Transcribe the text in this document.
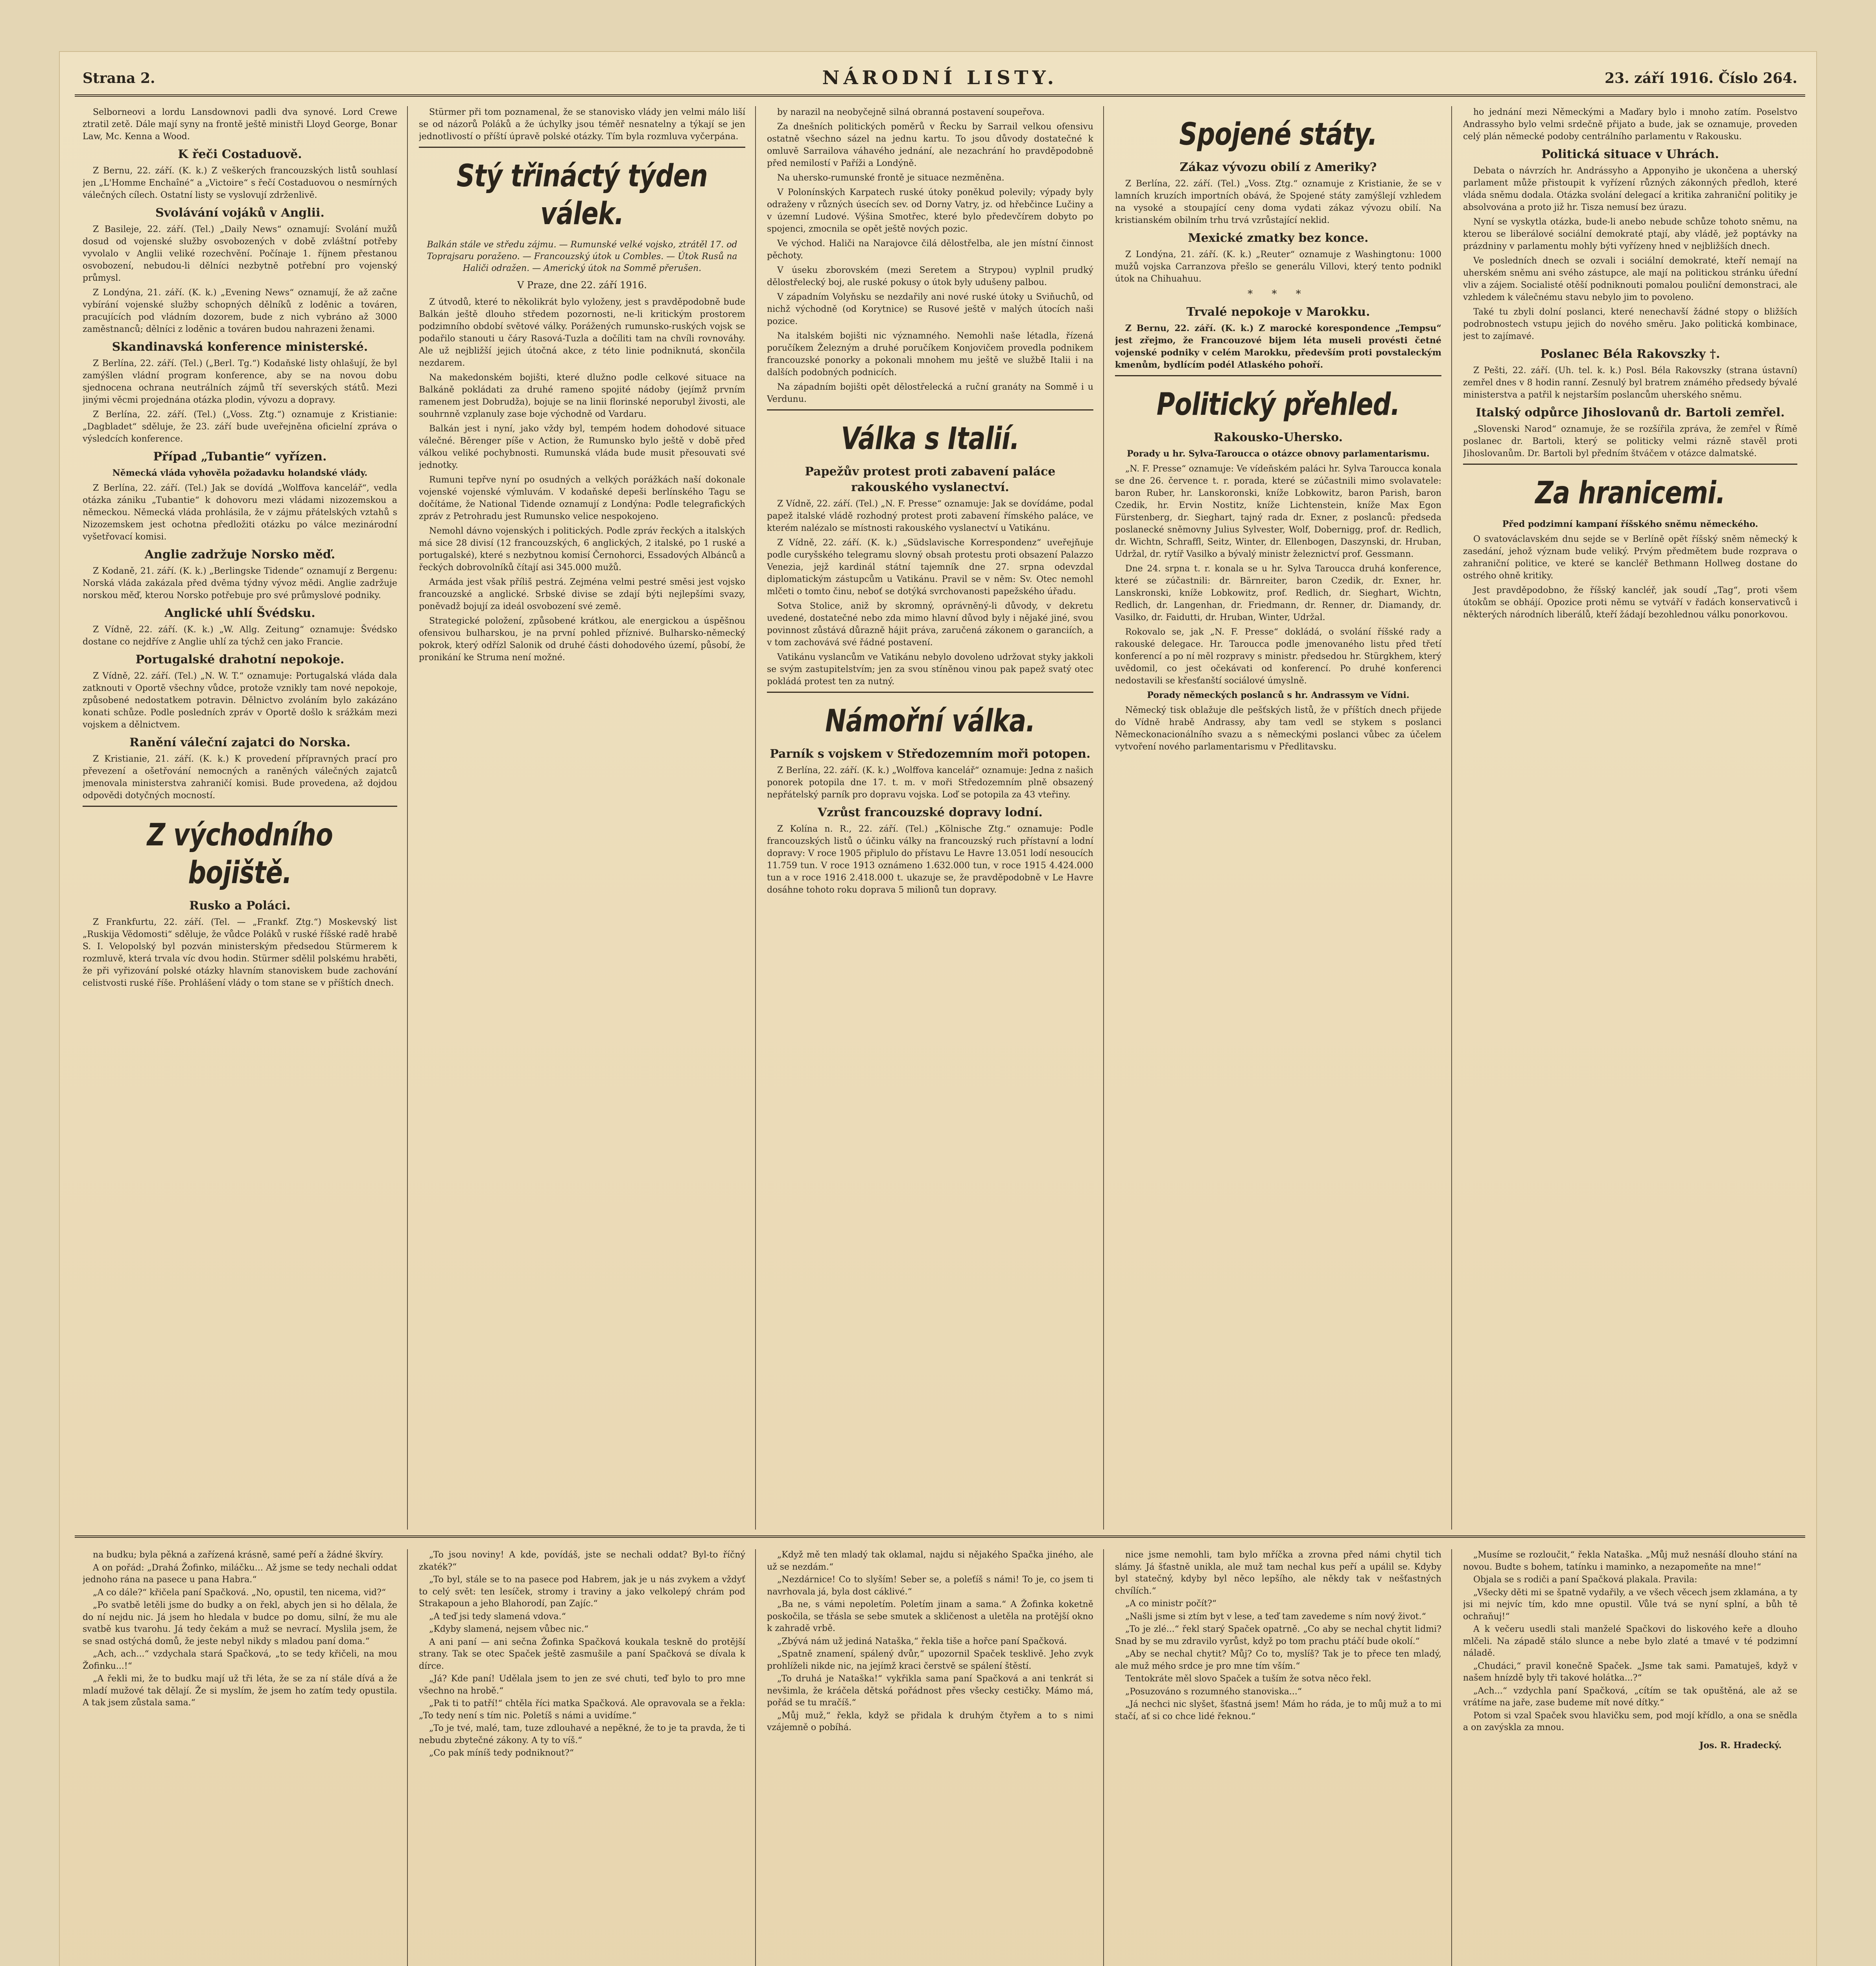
Strana 2.	NÁRODNÍ LISTY.	23. září 1916. Číslo 264.

Selborneovi a lordu Lansdownovi padli dva synové. Lord Crewe ztratil zetě. Dále mají syny na frontě ještě ministři Lloyd George, Bonar Law, Mc. Kenna a Wood.

K řeči Costaduově.

Z Bernu, 22. září. (K. k.) Z veškerých francouzských listů souhlasí jen „L'Homme Enchaîné“ a „Victoire“ s řečí Costaduovou o nesmírných válečných cílech. Ostatní listy se vyslovují zdrženlivě.

Svolávání vojáků v Anglii.

Z Basileje, 22. září. (Tel.) „Daily News“ oznamují: Svolání mužů dosud od vojenské služby osvobozených v době zvláštní potřeby vyvolalo v Anglii veliké rozechvění. Počínaje 1. říjnem přestanou osvobození, nebudou-li dělníci nezbytně potřební pro vojenský průmysl.

Z Londýna, 21. září. (K. k.) „Evening News“ oznamují, že až začne vybírání vojenské služby schopných dělníků z loděnic a továren, pracujících pod vládním dozorem, bude z nich vybráno až 3000 zaměstnanců; dělníci z loděnic a továren budou nahrazeni ženami.

Skandinavská konference ministerské.

Z Berlína, 22. září. (Tel.) („Berl. Tg.“) Kodaňské listy ohlašují, že byl zamýšlen vládní program konference, aby se na novou dobu sjednocena ochrana neutrálních zájmů tří severských států. Mezi jinými věcmi projednána otázka plodin, vývozu a dopravy.

Z Berlína, 22. září. (Tel.) („Voss. Ztg.“) oznamuje z Kristianie: „Dagbladet“ sděluje, že 23. září bude uveřejněna oficielní zpráva o výsledcích konference.

Případ „Tubantie“ vyřízen.
Německá vláda vyhověla požadavku holandské vlády.

Z Berlína, 22. září. (Tel.) Jak se dovídá „Wolffova kancelář“, vedla otázka zániku „Tubantie“ k dohovoru mezi vládami nizozemskou a německou. Německá vláda prohlásila, že v zájmu přátelských vztahů s Nizozemskem jest ochotna předložiti otázku po válce mezinárodní vyšetřovací komisi.

Anglie zadržuje Norsko měď.

Z Kodaně, 21. září. (K. k.) „Berlingske Tidende“ oznamují z Bergenu: Norská vláda zakázala před dvěma týdny vývoz mědi. Anglie zadržuje norskou měď, kterou Norsko potřebuje pro své průmyslové podniky.

Anglické uhlí Švédsku.

Z Vídně, 22. září. (K. k.) „W. Allg. Zeitung“ oznamuje: Švédsko dostane co nejdříve z Anglie uhlí za týchž cen jako Francie.

Portugalské drahotní nepokoje.

Z Vídně, 22. září. (Tel.) „N. W. T.“ oznamuje: Portugalská vláda dala zatknouti v Oportě všechny vůdce, protože vznikly tam nové nepokoje, způsobené nedostatkem potravin. Dělnictvo zvoláním bylo zakázáno konati schůze. Podle posledních zpráv v Oportě došlo k srážkám mezi vojskem a dělnictvem.

Ranění váleční zajatci do Norska.

Z Kristianie, 21. září. (K. k.) K provedení přípravných prací pro převezení a ošetřování nemocných a raněných válečných zajatců jmenovala ministerstva zahraničí komisi. Bude provedena, až dojdou odpovědi dotyčných mocností.

Z východního bojiště.
Rusko a Poláci.

Z Frankfurtu, 22. září. (Tel. — „Frankf. Ztg.“) Moskevský list „Ruskija Vědomosti“ sděluje, že vůdce Poláků v ruské říšské radě hrabě S. I. Velopolský byl pozván ministerským předsedou Stürmerem k rozmluvě, která trvala víc dvou hodin. Stürmer sdělil polskému hraběti, že při vyřizování polské otázky hlavním stanoviskem bude zachování celistvosti ruské říše. Prohlášení vlády o tom stane se v příštích dnech.

Stürmer při tom poznamenal, že se stanovisko vlády jen velmi málo liší se od názorů Poláků a že úchylky jsou téměř nesnatelny a týkají se jen jednotlivostí o příští úpravě polské otázky. Tím byla rozmluva vyčerpána.

Stý třináctý týden válek.
Balkán stále ve středu zájmu. — Rumunské velké vojsko, ztrátěl 17. od Toprajsaru poraženo. — Francouzský útok u Combles. — Útok Rusů na Haliči odražen. — Americký útok na Sommě přerušen.
V Praze, dne 22. září 1916.

Z útvodů, které to několikrát bylo vyloženy, jest s pravděpodobně bude Balkán ještě dlouho středem pozornosti, ne-li kritickým prostorem podzimního období světové války. Porážených rumunsko-ruských vojsk se podařilo stanouti u čáry Rasová-Tuzla a dočíliti tam na chvíli rovnováhy. Ale už nejbližší jejich útočná akce, z této linie podniknutá, skončila nezdarem.

Na makedonském bojišti, které dlužno podle celkové situace na Balkáně pokládati za druhé rameno spojité nádoby (jejímž prvním ramenem jest Dobrudža), bojuje se na linii florinské neporubyl živosti, ale souhrnně vzplanuly zase boje východně od Vardaru.

Balkán jest i nyní, jako vždy byl, tempém hodem dohodové situace válečné. Běrenger píše v Action, že Rumunsko bylo ještě v době před válkou veliké pochybnosti. Rumunská vláda bude musit přesouvati své jednotky.

Rumuni tepřve nyní po osudných a velkých porážkách naší dokonale vojenské vojenské výmluvám. V kodaňské depeši berlínského Tagu se dočítáme, že National Tidende oznamují z Londýna: Podle telegrafických zpráv z Petrohradu jest Rumunsko velice nespokojeno.

Nemohl dávno vojenských i politických. Podle zpráv řeckých a italských má sice 28 divisí (12 francouzských, 6 anglických, 2 italské, po 1 ruské a portugalské), které s nezbytnou komisí Černohorci, Essadových Albánců a řeckých dobrovolníků čítají asi 345.000 mužů.

Armáda jest však příliš pestrá. Zejména velmi pestré směsi jest vojsko francouzské a anglické. Srbské divise se zdají býti nejlepšími svazy, poněvadž bojují za ideál osvobození své země.

Strategické položení, způsobené krátkou, ale energickou a úspěšnou ofensivou bulharskou, je na první pohled příznivé. Bulharsko-německý pokrok, který odřízl Salonik od druhé části dohodového území, působí, že pronikání ke Struma není možné.

by narazil na neobyčejně silná obranná postavení soupeřova.

Za dnešních politických poměrů v Řecku by Sarrail velkou ofensivu ostatně všechno sázel na jednu kartu. To jsou důvody dostatečné k omluvě Sarrailova váhavého jednání, ale nezachrání ho pravděpodobně před nemilostí v Paříži a Londýně.

Na uhersko-rumunské frontě je situace nezměněna.

V Polonínských Karpatech ruské útoky poněkud polevily; výpady byly odraženy v různých úsecích sev. od Dorny Vatry, jz. od hřebčince Lučiny a v územní Ludové. Výšina Smotřec, které bylo předevčírem dobyto po spojenci, zmocnila se opět ještě nových pozic.

Ve východ. Haliči na Narajovce čilá dělostřelba, ale jen místní činnost pěchoty.

V úseku zborovském (mezi Seretem a Strypou) vyplnil prudký dělostřelecký boj, ale ruské pokusy o útok byly udušeny palbou.

V západním Volyňsku se nezdařily ani nové ruské útoky u Sviňuchů, od nichž východně (od Korytnice) se Rusové ještě v malých útocích naši pozice.

Na italském bojišti nic významného. Nemohli naše létadla, řízená poručíkem Železným a druhé poručíkem Konjovičem provedla podnikem francouzské ponorky a pokonali mnohem mu ještě ve službě Italii i na dalších podobných podnicích.

Na západním bojišti opět dělostřelecká a ruční granáty na Sommě i u Verdunu.

Válka s Italií.
Papežův protest proti zabavení paláce rakouského vyslanectví.

Z Vídně, 22. září. (Tel.) „N. F. Presse“ oznamuje: Jak se dovídáme, podal papež italské vládě rozhodný protest proti zabavení římského paláce, ve kterém nalézalo se místnosti rakouského vyslanectví u Vatikánu.

Z Vídně, 22. září. (K. k.) „Südslavische Korrespondenz“ uveřejňuje podle curyšského telegramu slovný obsah protestu proti obsazení Palazzo Venezia, jejž kardinál státní tajemník dne 27. srpna odevzdal diplomatickým zástupcům u Vatikánu. Pravil se v něm: Sv. Otec nemohl mlčeti o tomto činu, neboť se dotýká svrchovanosti papežského úřadu.

Sotva Stolice, aniž by skromný, oprávněný-li důvody, v dekretu uvedené, dostatečné nebo zda mimo hlavní důvod byly i nějaké jiné, svou povinnost zůstává důrazně hájit práva, zaručená zákonem o garanciích, a v tom zachovává své řádné postavení.

Vatikánu vyslancům ve Vatikánu nebylo dovoleno udržovat styky jakkoli se svým zastupitelstvím; jen za svou stíněnou vinou pak papež svatý otec pokládá protest ten za nutný.

Námořní válka.
Parník s vojskem v Středozemním moři potopen.

Z Berlína, 22. září. (K. k.) „Wolffova kancelář“ oznamuje: Jedna z našich ponorek potopila dne 17. t. m. v moři Středozemním plně obsazený nepřátelský parník pro dopravu vojska. Loď se potopila za 43 vteřiny.

Vzrůst francouzské dopravy lodní.

Z Kolína n. R., 22. září. (Tel.) „Kölnische Ztg.“ oznamuje: Podle francouzských listů o účinku války na francouzský ruch přístavní a lodní dopravy: V roce 1905 připlulo do přístavu Le Havre 13.051 lodí nesoucích 11.759 tun. V roce 1913 oznámeno 1.632.000 tun, v roce 1915 4.424.000 tun a v roce 1916 2.418.000 t. ukazuje se, že pravděpodobně v Le Havre dosáhne tohoto roku doprava 5 milionů tun dopravy.

Spojené státy.
Zákaz vývozu obilí z Ameriky?

Z Berlína, 22. září. (Tel.) „Voss. Ztg.“ oznamuje z Kristianie, že se v lamních kruzích importních obává, že Spojené státy zamýšlejí vzhledem na vysoké a stoupající ceny doma vydati zákaz vývozu obilí. Na kristianském obilním trhu trvá vzrůstající neklid.

Mexické zmatky bez konce.

Z Londýna, 21. září. (K. k.) „Reuter“ oznamuje z Washingtonu: 1000 mužů vojska Carranzova přešlo se generálu Villovi, který tento podnikl útok na Chihuahuu.

* * *
Trvalé nepokoje v Marokku.

Z Bernu, 22. září. (K. k.) Z marocké korespondence „Tempsu“ jest zřejmo, že Francouzové bijem léta museli provésti četné vojenské podniky v celém Marokku, především proti povstaleckým kmenům, bydlícím podél Atlaského pohoří.

Politický přehled.
Rakousko-Uhersko.
Porady u hr. Sylva-Taroucca o otázce obnovy parlamentarismu.

„N. F. Presse“ oznamuje: Ve vídeňském paláci hr. Sylva Taroucca konala se dne 26. července t. r. porada, které se zúčastnili mimo svolavatele: baron Ruber, hr. Lanskoronski, kníže Lobkowitz, baron Parish, baron Czedik, hr. Ervin Nostitz, kníže Lichtenstein, kníže Max Egon Fürstenberg, dr. Sieghart, tajný rada dr. Exner, z poslanců: předseda poslanecké sněmovny Julius Sylvester, Wolf, Dobernigg, prof. dr. Redlich, dr. Wichtn, Schraffl, Seitz, Winter, dr. Ellenbogen, Daszynski, dr. Hruban, Udržal, dr. rytíř Vasilko a bývalý ministr železnictví prof. Gessmann.

Dne 24. srpna t. r. konala se u hr. Sylva Taroucca druhá konference, které se zúčastnili: dr. Bärnreiter, baron Czedik, dr. Exner, hr. Lanskronski, kníže Lobkowitz, prof. Redlich, dr. Sieghart, Wichtn, Redlich, dr. Langenhan, dr. Friedmann, dr. Renner, dr. Diamandy, dr. Vasilko, dr. Faidutti, dr. Hruban, Winter, Udržal.

Rokovalo se, jak „N. F. Presse“ dokládá, o svolání říšské rady a rakouské delegace. Hr. Taroucca podle jmenovaného listu před třetí konferencí a po ní měl rozpravy s ministr. předsedou hr. Stürgkhem, který uvědomil, co jest očekávati od konferencí. Po druhé konferenci nedostavili se křesťanští sociálové úmyslně.

Porady německých poslanců s hr. Andrassym ve Vídni.

Německý tisk oblažuje dle pešťských listů, že v příštích dnech přijede do Vídně hrabě Andrassy, aby tam vedl se stykem s poslanci Německonacionálního svazu a s německými poslanci vůbec za účelem vytvoření nového parlamentarismu v Předlitavsku.

ho jednání mezi Německými a Maďary bylo i mnoho zatím. Poselstvo Andrassyho bylo velmi srdečně přijato a bude, jak se oznamuje, proveden celý plán německé podoby centrálního parlamentu v Rakousku.

Politická situace v Uhrách.

Debata o návrzích hr. Andrássyho a Apponyiho je ukončena a uherský parlament může přistoupit k vyřízení různých zákonných předloh, které vláda sněmu dodala. Otázka svolání delegací a kritika zahraniční politiky je absolvována a proto již hr. Tisza nemusí bez úrazu.

Nyní se vyskytla otázka, bude-li anebo nebude schůze tohoto sněmu, na kterou se liberálové sociální demokraté ptají, aby vládě, jež poptávky na prázdniny v parlamentu mohly býti vyřízeny hned v nejbližších dnech.

Ve posledních dnech se ozvali i sociální demokraté, kteří nemají na uherském sněmu ani svého zástupce, ale mají na politickou stránku úřední vliv a zájem. Socialisté otěší podniknouti pomalou pouliční demonstraci, ale vzhledem k válečnému stavu nebylo jim to povoleno.

Také tu zbyli dolní poslanci, které nenechavší žádné stopy o bližších podrobnostech vstupu jejich do nového směru. Jako politická kombinace, jest to zajímavé.

Poslanec Béla Rakovszky †.

Z Pešti, 22. září. (Uh. tel. k. k.) Posl. Béla Rakovszky (strana ústavní) zemřel dnes v 8 hodin ranní. Zesnulý byl bratrem známého předsedy bývalé ministerstva a patřil k nejstarším poslancům uherského sněmu.

Italský odpůrce Jihoslovanů dr. Bartoli zemřel.

„Slovenski Narod“ oznamuje, že se rozšířila zpráva, že zemřel v Římě poslanec dr. Bartoli, který se politicky velmi rázně stavěl proti Jihoslovanům. Dr. Bartoli byl předním štváčem v otázce dalmatské.

Za hranicemi.
Před podzimní kampaní říšského sněmu německého.

O svatováclavském dnu sejde se v Berlíně opět říšský sněm německý k zasedání, jehož význam bude veliký. Prvým předmětem bude rozprava o zahraniční politice, ve které se kancléř Bethmann Hollweg dostane do ostrého ohně kritiky.

Jest pravděpodobno, že říšský kancléř, jak soudí „Tag“, proti všem útokům se obhájí. Opozice proti němu se vytváří v řadách konservativců i některých národních liberálů, kteří žádají bezohlednou válku ponorkovou.

na budku; byla pěkná a zařízená krásně, samé peří a žádné škvíry.

A on pořád: „Drahá Žofinko, miláčku... Až jsme se tedy nechali oddat jednoho rána na pasece u pana Habra.“

„A co dále?“ křičela paní Spačková. „No, opustil, ten nicema, vid?“

„Po svatbě letěli jsme do budky a on řekl, abych jen si ho dělala, že do ní nejdu nic. Já jsem ho hledala v budce po domu, silní, že mu ale svatbě kus tvarohu. Já tedy čekám a muž se nevrací. Myslila jsem, že se snad ostýchá domů, že jeste nebyl nikdy s mladou paní doma.“

„Ach, ach...“ vzdychala stará Spačková, „to se tedy křičeli, na mou Žofinku...!“

„A řekli mi, že to budku mají už tři léta, že se za ní stále dívá a že mladí mužové tak dělají. Že si myslím, že jsem ho zatím tedy opustila. A tak jsem zůstala sama.“

„To jsou noviny! A kde, povídáš, jste se nechali oddat? Byl-to říčný zkaték?“

„To byl, stále se to na pasece pod Habrem, jak je u nás zvykem a vždyť to celý svět: ten lesíček, stromy i traviny a jako velkolepý chrám pod Strakapoun a jeho Blahorodí, pan Zajíc.“

„A teď jsi tedy slamená vdova.“

„Kdyby slamená, nejsem vůbec nic.“

A ani paní — ani sečna Žofinka Spačková koukala teskně do protější strany. Tak se otec Spaček ještě zasmušile a paní Spačková se dívala k dírce.

„Já? Kde paní! Udělala jsem to jen ze své chuti, teď bylo to pro mne všechno na hrobě.“

„Pak ti to patří!“ chtěla říci matka Spačková. Ale opravovala se a řekla: „To tedy není s tím nic. Poletíš s námi a uvidíme.“

„To je tvé, malé, tam, tuze zdlouhavé a nepěkné, že to je ta pravda, že ti nebudu zbytečné zákony. A ty to víš.“

„Co pak míníš tedy podniknout?“

„Když mě ten mladý tak oklamal, najdu si nějakého Spačka jiného, ale už se nezdám.“

„Nezdárnice! Co to slyším! Seber se, a poleťíš s námi! To je, co jsem ti navrhovala já, byla dost cáklivé.“

„Ba ne, s vámi nepoletím. Poletím jinam a sama.“ A Žofinka koketně poskočila, se třásla se sebe smutek a skličenost a uletěla na protější okno k zahradě vrbě.

„Zbývá nám už jediná Nataška,“ řekla tiše a hořce paní Spačková.

„Spatně znamení, spálený dvůr,“ upozornil Spaček tesklivě. Jeho zvyk prohlíželi nikde nic, na jejímž kraci čerstvě se spálení štěstí.

„To druhá je Nataška!“ vykřikla sama paní Spačková a ani tenkrát si nevšimla, že kráčela dětská pořádnost přes všecky cestičky. Mámo má, pořád se tu mračíš.“

„Můj muž,“ řekla, když se přidala k druhým čtyřem a to s nimi vzájemně o pobíhá.

nice jsme nemohli, tam bylo mříčka a zrovna před námi chytil tich slámy. Já šťastně unikla, ale muž tam nechal kus peří a upálil se. Kdyby byl statečný, kdyby byl něco lepšího, ale někdy tak v nešťastných chvílích.“

„A co ministr počít?“

„Našli jsme si ztím byt v lese, a teď tam zavedeme s ním nový život.“

„To je zlé...“ řekl starý Spaček opatrně. „Co aby se nechal chytit lidmi? Snad by se mu zdravilo vyrůst, když po tom prachu ptáčí bude okolí.“

„Aby se nechal chytit? Můj? Co to, myslíš? Tak je to přece ten mladý, ale muž mého srdce je pro mne tím vším.“

Tentokráte měl slovo Spaček a tuším že sotva něco řekl.

„Posuzováno s rozumného stanoviska...“

„Já nechci nic slyšet, šťastná jsem! Mám ho ráda, je to můj muž a to mi stačí, ať si co chce lidé řeknou.“

„Musíme se rozloučit,“ řekla Nataška. „Můj muž nesnáší dlouho stání na novou. Budte s bohem, tatínku i maminko, a nezapomeňte na mne!“

Objala se s rodiči a paní Spačková plakala. Pravila:

„Všecky děti mi se špatně vydařily, a ve všech věcech jsem zklamána, a ty jsi mi nejvíc tím, kdo mne opustil. Vůle tvá se nyní splní, a bůh tě ochraňuj!“

A k večeru usedli stali manželé Spačkovi do liskového keře a dlouho mlčeli. Na západě stálo slunce a nebe bylo zlaté a tmavé v té podzimní náladě.

„Chudáci,“ pravil konečně Spaček. „Jsme tak sami. Pamatuješ, když v našem hnízdě byly tři takové holátka...?“

„Ach...“ vzdychla paní Spačková, „cítím se tak opuštěná, ale až se vrátíme na jaře, zase budeme mít nové dítky.“

Potom si vzal Spaček svou hlavičku sem, pod mojí křídlo, a ona se snědla a on zavýskla za mnou.

Jos. R. Hradecký.
